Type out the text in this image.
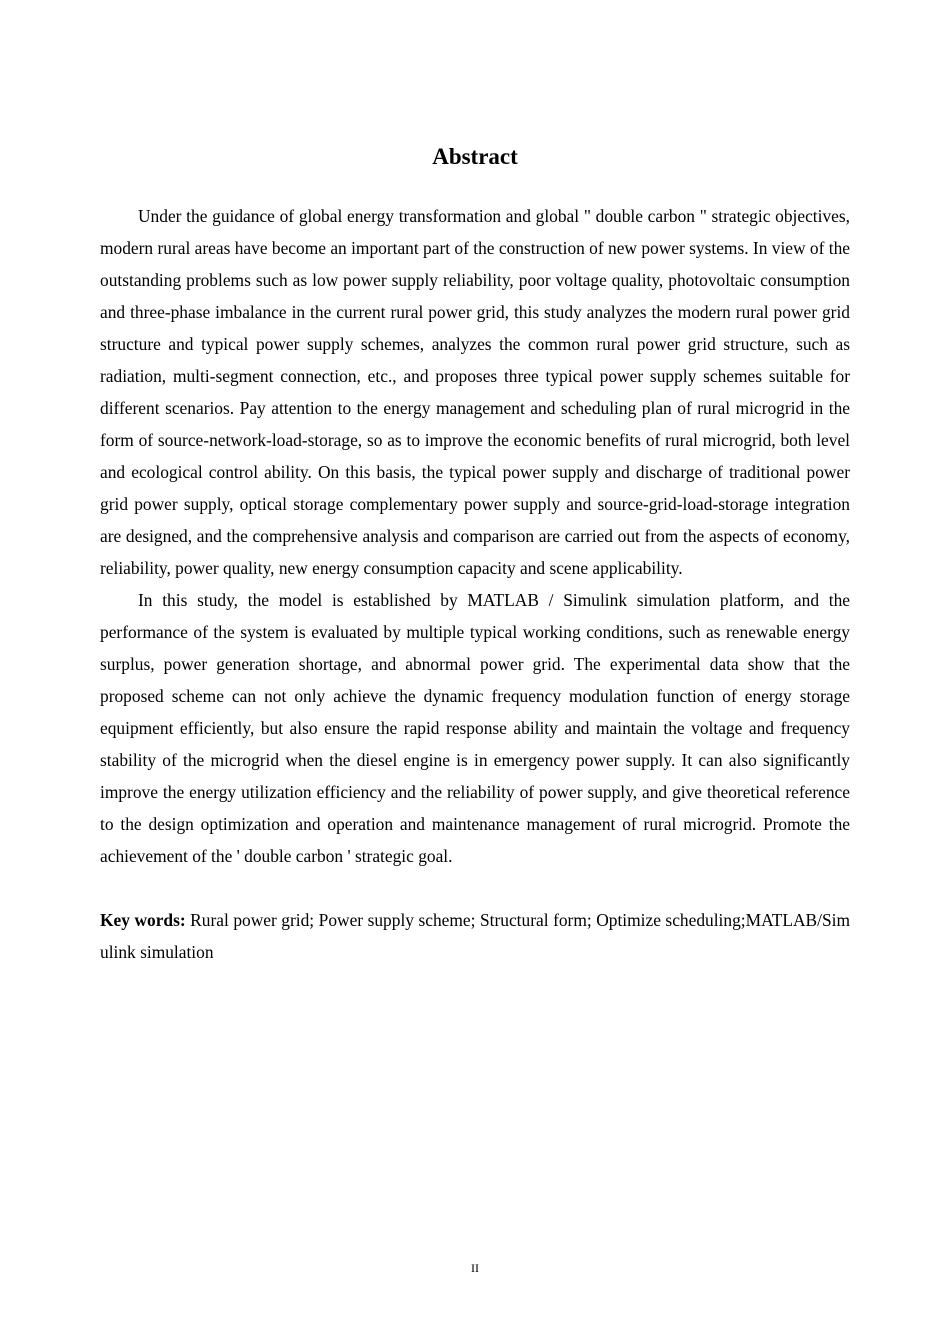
Abstract

Under the guidance of global energy transformation and global " double carbon " strategic objectives, modern rural areas have become an important part of the construction of new power systems. In view of the outstanding problems such as low power supply reliability, poor voltage quality, photovoltaic consumption and three-phase imbalance in the current rural power grid, this study analyzes the modern rural power grid structure and typical power supply schemes, analyzes the common rural power grid structure, such as radiation, multi-segment connection, etc., and proposes three typical power supply schemes suitable for different scenarios. Pay attention to the energy management and scheduling plan of rural microgrid in the form of source-network-load-storage, so as to improve the economic benefits of rural microgrid, both level and ecological control ability. On this basis, the typical power supply and discharge of traditional power grid power supply, optical storage complementary power supply and source-grid-load-storage integration are designed, and the comprehensive analysis and comparison are carried out from the aspects of economy, reliability, power quality, new energy consumption capacity and scene applicability.

In this study, the model is established by MATLAB / Simulink simulation platform, and the performance of the system is evaluated by multiple typical working conditions, such as renewable energy surplus, power generation shortage, and abnormal power grid. The experimental data show that the proposed scheme can not only achieve the dynamic frequency modulation function of energy storage equipment efficiently, but also ensure the rapid response ability and maintain the voltage and frequency stability of the microgrid when the diesel engine is in emergency power supply. It can also significantly improve the energy utilization efficiency and the reliability of power supply, and give theoretical reference to the design optimization and operation and maintenance management of rural microgrid. Promote the achievement of the ' double carbon ' strategic goal.

Key words: Rural power grid; Power supply scheme; Structural form; Optimize scheduling;MATLAB/Simulink simulation

II
